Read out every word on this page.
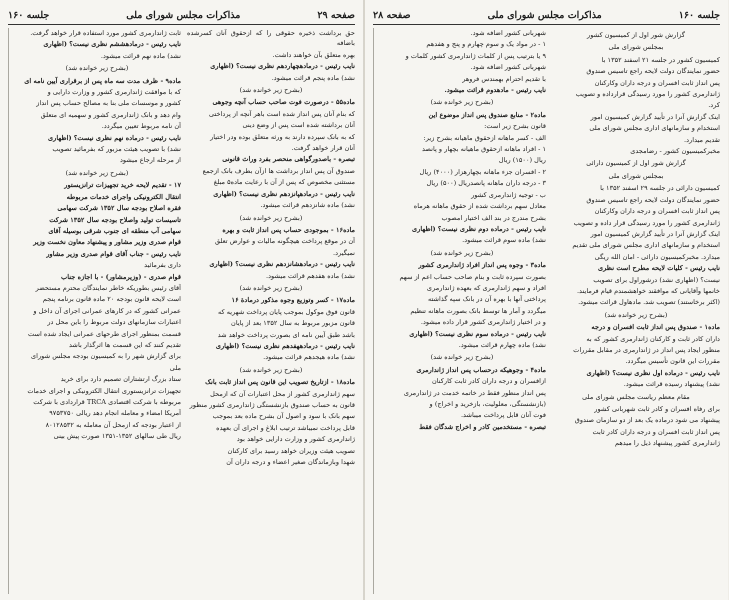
صفحه ۲۹
مذاکرات مجلس شورای ملی
جلسه ۱۶۰
ثابت ژاندارمری کشور مورد استفاده قرار خواهد گرفت.
نایب رئیس - درمادهششم نظری نیست؟ (اظهاری
نشد) ماده نهم قرائت میشود.
(بشرح زیر خوانده شد)
ماده۹ - ظرف مدت سه ماه پس از برقراری آیین نامه ای
که با موافقت ژاندارمری کشور و وزارت دارایی و
کشور و موسسات ملی بنا به مصالح حساب پس انداز
وام دهد و بانک ژاندارمری کشور و سهمیه ای متعلق
آن نامه مربوط تعیین میگردد.
نایب رئیس - درماده نهم نظری نیست؟ (اظهاری
نشد) با تصویب هیئت مزبور که بفرمائید تصویب
از مرحله ارجاع میشود
(بشرح زیر خوانده شد)
۱۷ - تقدیم لایحه خرید تجهیزات ترانزیستور
انتقال الکترونیکی واجرای خدمات مربوطه
فقره اصلاح بودجه سال ۱۳۵۲ شرکت سهامی
تاسیسات تولید واصلاح بودجه سال ۱۳۵۲ شرکت
سهامی آب منطقه ای جنوب شرقی بوسیله آقای
قوام صدری وزیر مشاور و پیشنهاد معاون نخست وزیر
نایب رئیس - جناب آقای قوام صدری وزیر مشاور
داری بفرمائید
قوام صدری - (وزیرمشاور) - با اجازه جناب
آقای رئیس بطوریکه خاطر نمایندگان محترم مستحضر
است لایحه قانون بودجه ۲۰ ماده قانون برنامه پنجم
عمرانی کشور که در کارهای عمرانی اجرای آن داخل و
اعتبارات سازمانهای دولت مربوط را باین محل در
قسمت بمنظور اجرای طرحهای عمرانی ایجاد شده است
تقدیم کنند که این قسمت ها اثرگذار باشد
برای گزارش شهر را به کمیسیون بودجه مجلس شورای
ملی
ستاد بزرگ ارتشتاران تصمیم دارد برای خرید
تجهیزات ترانزیستوری انتقال الکترونیکی و اجرای خدمات
مربوطه با شرکت اقتصادی TRCA قراردادی با شرکت
آمریکا امضاء و معامله انجام دهد ریالی ۹۷۵۳۷۵۰
از اعتبار بودجه که ازمحل آن معامله به ۸۰۱۲۸۵۳۲
ریال طی سالهای ۱۳۵۲-۱۳۵۱ صورت پیش بینی
حق برداشت ذخیره حقوقی را که ازحقوق آنان کسرشده باضافه
بهره متعلق بآن خواهند داشت.
نایب رئیس - درمادهچهاردهم نظری نیست؟ (اظهاری
نشد) ماده پنجم قرائت میشود.
(بشرح زیر خوانده شد)
ماده۵۵ - درصورت فوت صاحب حساب آنچه وجوهی
که بنام آنان پس انداز شده است باهر آنچه از پرداختی
آنان برداشته شده است پس از وضع دینی
که به بانک سپرده دارند به ورثه متعلق بوده ودر اختیار
آنان قرار خواهد گرفت.
تبصره - باصدورگواهی منحصر بفرد وراث قانونی
صندوق آن پس انداز برداشت ها ازآن بطرف بانک ازجمع
مستثنی مخصوص که پس از آن با رعایت ماده۵ مبلغ
نایب رئیس - درمادهپانزدهم نظری نیست؟ (اظهاری
نشد) ماده شانزدهم قرائت میشود.
(بشرح زیر خوانده شد)
ماده۱۶ - بموجودی حساب پس انداز ثابت و بهره
آن در موقع پرداخت هیچگونه مالیات و عوارض تعلق
نمیگیرد.
نایب رئیس - درمادهشانزدهم نظری نیست؟ (اظهاری
نشد) ماده هفدهم قرائت میشود.
(بشرح زیر خوانده شد)
ماده۱۷ - کسر وتوزیع وجوه مذکور درمادة ۱۶
قانون فوق موکول بموجب پایان پرداخت شهریه که
قانون مزبور مربوط به سال ۱۳۵۲ بعد از پایان
باشد طبق آیین نامه ای بصورت پرداخت خواهد شد
نایب رئیس - درمادههفدهم نظری نیست؟ (اظهاری
نشد) ماده هیجدهم قرائت میشود.
(بشرح زیر خوانده شد)
ماده۱۸ - ازتاریخ تصویب این قانون پس انداز ثابت بانک
سهم ژاندارمری کشور از محل اعتبارات آن که ازمحل
قانون به حساب صندوق بازنشستگی ژاندارمری کشور منظور
سهم بانک با سود و اصول آن بشرح ماده بعد بموجب
قابل پرداخت نمیباشد ترتیب ابلاغ و اجرای آن بعهده
ژاندارمری کشور و وزارت دارایی خواهد بود
تصویب هیئت وزیران خواهد رسید برای کارکنان
شهدا وبازماندگان صغیر اعضاء و درجه داران آن
جلسه ۱۶۰
مذاکرات مجلس شورای ملی
صفحه ۲۸
شهربانی کشور اضافه شود.
۱ - در مواد یک و سوم چهارم و پنج و هفدهم
۹ یا بترتیب پس از کلمات ژاندارمری کشور کلمات و
شهربانی کشور اضافه شود.
با تقدیم احترام بهمندس فروهر
نایب رئیس - مادهدوم قرائت میشود.
(بشرح زیر خوانده شد)
ماده۲ - منابع صندوق پس انداز موضوع این
قانون بشرح زیر است:
الف - کسر ماهانه ازحقوق ماهیانه بشرح زیر:
۱ - افراد ماهانه ازحقوق ماهیانه بچهار و پانصد
ریال (۱۵۰۰) ریال
۲ - افسران جزء ماهانه بچهارهزار (۴۰۰۰) ریال
۳ - درجه داران ماهانه پانصدریال (۵۰۰) ریال
ب - توجیه ژاندارمری کشور
معادل سهم برداشت شده از حقوق ماهانه هرماه
بشرح مندرج در بند الف اختیار امصوب
نایب رئیس - درماده دوم نظری نیست؟ (اظهاری
نشد) ماده سوم قرائت میشود.
(بشرح زیر خوانده شد)
ماده۳ - وجوه پس انداز افراد ژاندارمری کشور
بصورت سپرده ثابت و بنام صاحب حساب اعم از سهم
افراد و سهم ژاندارمری که بعهده ژاندارمری
پرداختی آنها با بهره آن در بانک سپه گذاشته
میگردد و آمار ها توسط بانک بصورت ماهانه تنظیم
و در اختیار ژاندارمری کشور قرار داده میشود.
نایب رئیس - درماده سوم نظری نیست؟ (اظهاری
نشد) ماده چهارم قرائت میشود.
(بشرح زیر خوانده شد)
ماده۴ - وجوهیکه درحساب پس انداز ژاندارمری
ازافسران و درجه داران کادر ثابت کارکنان
پس انداز منظور فقط در خاتمه خدمت در ژاندارمری
(بازنشستگی، معلولیت، بازخرید و اخراج) و
فوت آنان قابل پرداخت میباشد.
تبصره - مستخدمین کادر و اخراج شدگان فقط
گزارش شور اول از کمیسیون کشور
بمجلس شورای ملی
کمیسیون کشور در جلسه ۲۱ اسفند ۱۳۵۲ با
حضور نمایندگان دولت لایحه راجع تاسیس صندوق
پس انداز ثابت افسران و درجه داران وکارکنان
ژاندارمری کشور را مورد رسیدگی قرارداده و تصویب
کرد.
اینک گزارش آنرا در تأیید گزارش کمیسیون امور
استخدام و سازمانهای اداری مجلس شورای ملی
تقدیم میدارد.
مخبرکمیسیون کشور - رضامجدی
گزارش شور اول از کمیسیون دارائی
بمجلس شورای ملی
کمیسیون دارائی در جلسه ۲۹ اسفند ۱۳۵۲ با
حضور نمایندگان دولت لایحه راجع تاسیس صندوق
پس انداز ثابت افسران و درجه داران وکارکنان
ژاندارمری کشور را مورد رسیدگی قرار داده و تصویب
اینک گزارش آنرا در تأیید گزارش کمیسیون امور
استخدام و سازمانهای اداری مجلس شورای ملی تقدیم
میدارد. مخبرکمیسیون دارائی - امان الله ریگی
نایب رئیس - کلیات لایحه مطرح است نظری
نیست؟ (اظهاری نشد) درشوراول برای تصویب
خانمها وآقایانی که موافقند خواهشمندم قیام فرمایند.
(اکثر برخاستند) تصویب شد. مادهاول قرائت میشود.
(بشرح زیر خوانده شد)
ماده۱ - صندوق پس انداز ثابت افسران و درجه
داران کادر ثابت و کارکنان ژاندارمری کشور که به
منظور ایجاد پس انداز در ژاندارمری در مقابل مقررات
مقررات این قانون تأسیس میگردد.
نایب رئیس - درماده اول نظری نیست؟ (اظهاری
نشد) پیشنهاد رسیده قرائت میشود.
مقام معظم ریاست مجلس شورای ملی
برای رفاه افسران و کادر ثابت شهربانی کشور
پیشنهاد می شود درماده یک بعد از دو سازمان صندوق
پس انداز ثابت افسران و درجه داران کادر ثابت
ژاندارمری کشور پیشنهاد ذیل را میدهم
